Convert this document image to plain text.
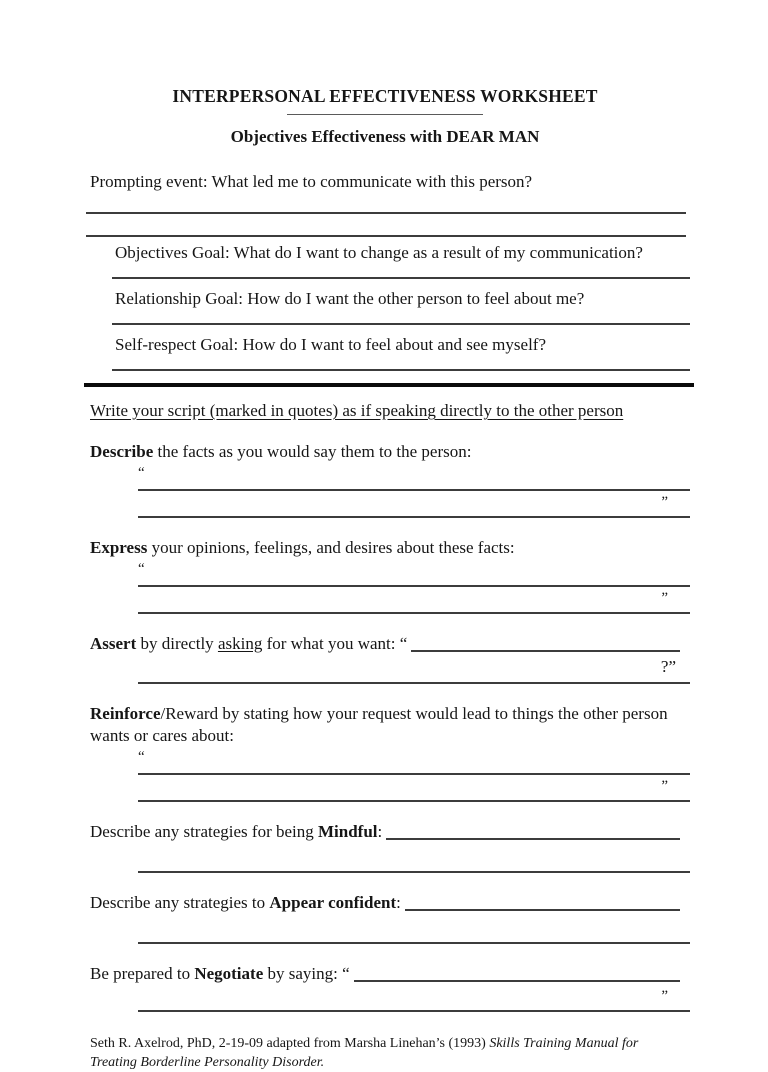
INTERPERSONAL EFFECTIVENESS WORKSHEET
Objectives Effectiveness with DEAR MAN

Prompting event: What led me to communicate with this person?

Objectives Goal: What do I want to change as a result of my communication?

Relationship Goal: How do I want the other person to feel about me?

Self-respect Goal: How do I want to feel about and see myself?

Write your script (marked in quotes) as if speaking directly to the other person

Describe the facts as you would say them to the person:

“
”

Express your opinions, feelings, and desires about these facts:

“
”

Assert by directly asking for what you want: “

?”

Reinforce/Reward by stating how your request would lead to things the other person wants or cares about:

“
”

Describe any strategies for being Mindful:

Describe any strategies to Appear confident:

Be prepared to Negotiate by saying: “

”

Seth R. Axelrod, PhD, 2-19-09 adapted from Marsha Linehan’s (1993) Skills Training Manual for Treating Borderline Personality Disorder.
